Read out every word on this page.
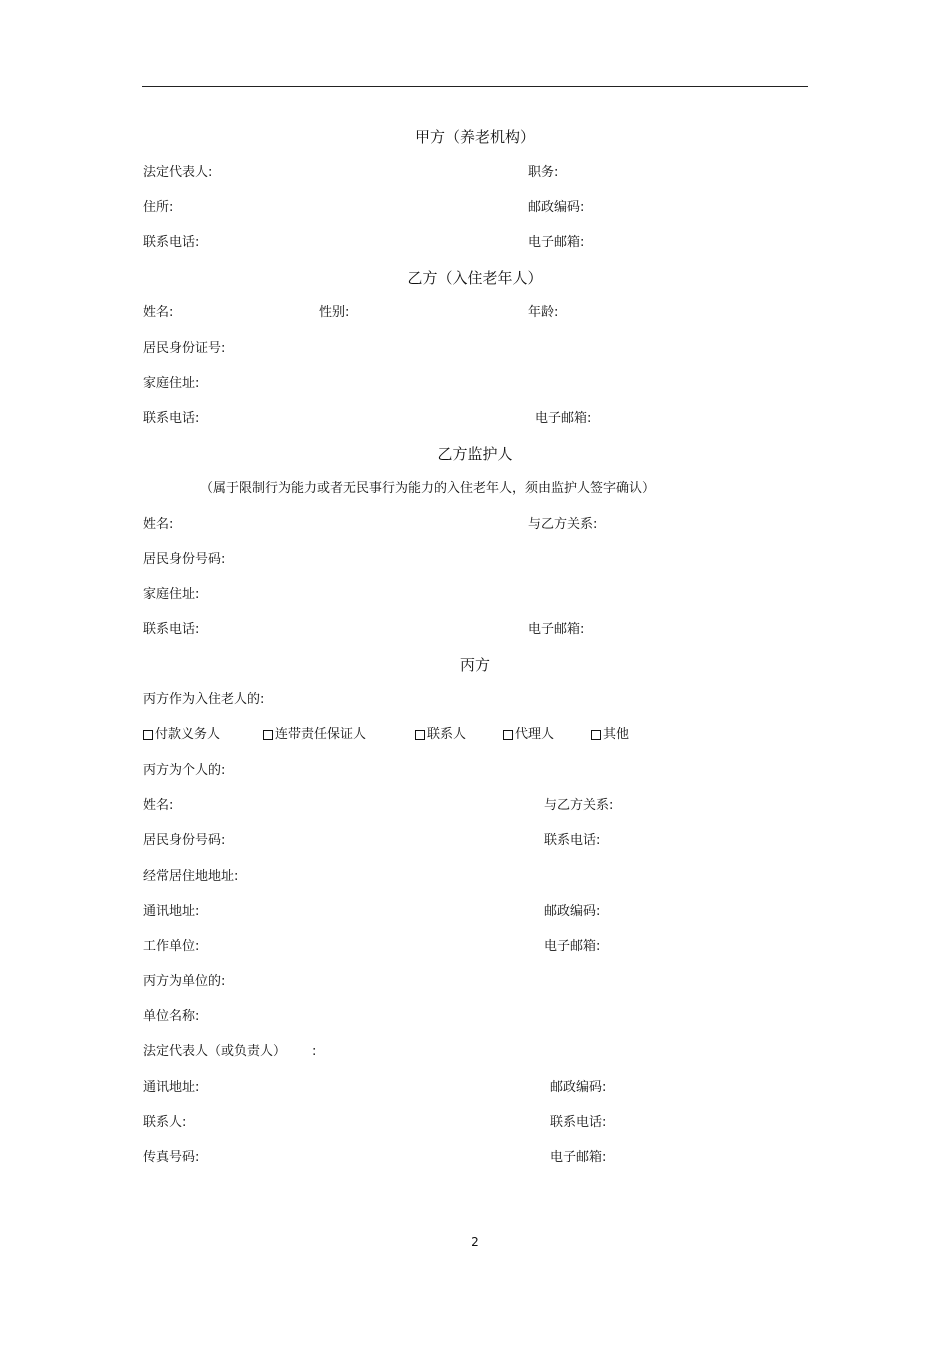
甲方（养老机构）
法定代表人:	职务:
住所:	邮政编码:
联系电话:	电子邮箱:
乙方（入住老年人）
姓名:	性别:	年龄:
居民身份证号:
家庭住址:
联系电话:	电子邮箱:
乙方监护人
（属于限制行为能力或者无民事行为能力的入住老年人，须由监护人签字确认）
姓名:	与乙方关系:
居民身份号码:
家庭住址:
联系电话:	电子邮箱:
丙方
丙方作为入住老人的:
付款义务人	连带责任保证人	联系人	代理人	其他
丙方为个人的:
姓名:	与乙方关系:
居民身份号码:	联系电话:
经常居住地地址:
通讯地址:	邮政编码:
工作单位:	电子邮箱:
丙方为单位的:
单位名称:
法定代表人（或负责人） :
通讯地址:	邮政编码:
联系人:	联系电话:
传真号码:	电子邮箱:
2
